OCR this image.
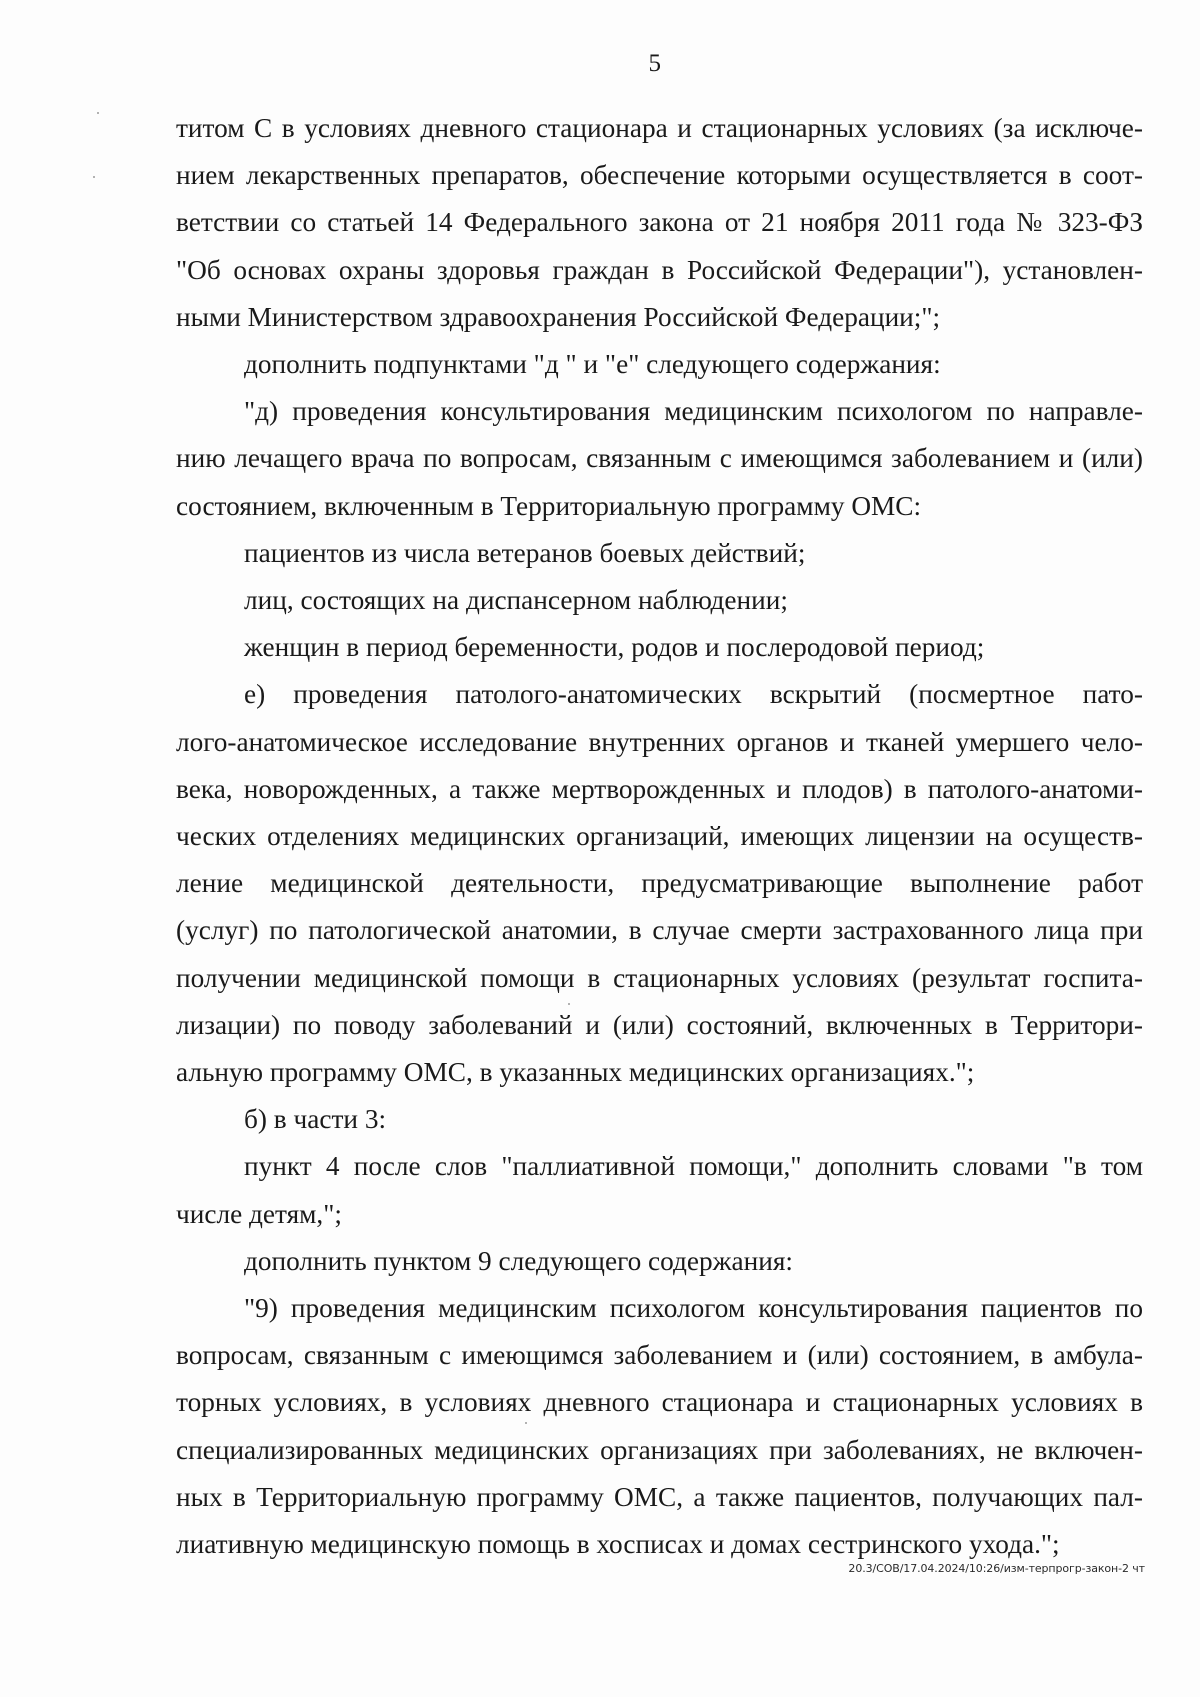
5

титом С в условиях дневного стационара и стационарных условиях (за исключе-
нием лекарственных препаратов, обеспечение которыми осуществляется в соот-
ветствии со статьей 14 Федерального закона от 21 ноября 2011 года № 323-ФЗ
"Об основах охраны здоровья граждан в Российской Федерации"), установлен-
ными Министерством здравоохранения Российской Федерации;";

дополнить подпунктами "д " и "е" следующего содержания:

"д) проведения консультирования медицинским психологом по направле-
нию лечащего врача по вопросам, связанным с имеющимся заболеванием и (или)
состоянием, включенным в Территориальную программу ОМС:

пациентов из числа ветеранов боевых действий;

лиц, состоящих на диспансерном наблюдении;

женщин в период беременности, родов и послеродовой период;

е) проведения патолого-анатомических вскрытий (посмертное пато-
лого-анатомическое исследование внутренних органов и тканей умершего чело-
века, новорожденных, а также мертворожденных и плодов) в патолого-анатоми-
ческих отделениях медицинских организаций, имеющих лицензии на осуществ-
ление медицинской деятельности, предусматривающие выполнение работ
(услуг) по патологической анатомии, в случае смерти застрахованного лица при
получении медицинской помощи в стационарных условиях (результат госпита-
лизации) по поводу заболеваний и (или) состояний, включенных в Территори-
альную программу ОМС, в указанных медицинских организациях.";

б) в части 3:

пункт 4 после слов "паллиативной помощи," дополнить словами "в том
числе детям,";

дополнить пунктом 9 следующего содержания:

"9) проведения медицинским психологом консультирования пациентов по
вопросам, связанным с имеющимся заболеванием и (или) состоянием, в амбула-
торных условиях, в условиях дневного стационара и стационарных условиях в
специализированных медицинских организациях при заболеваниях, не включен-
ных в Территориальную программу ОМС, а также пациентов, получающих пал-
лиативную медицинскую помощь в хосписах и домах сестринского ухода.";

20.3/СОВ/17.04.2024/10:26/изм-терпрогр-закон-2 чт
